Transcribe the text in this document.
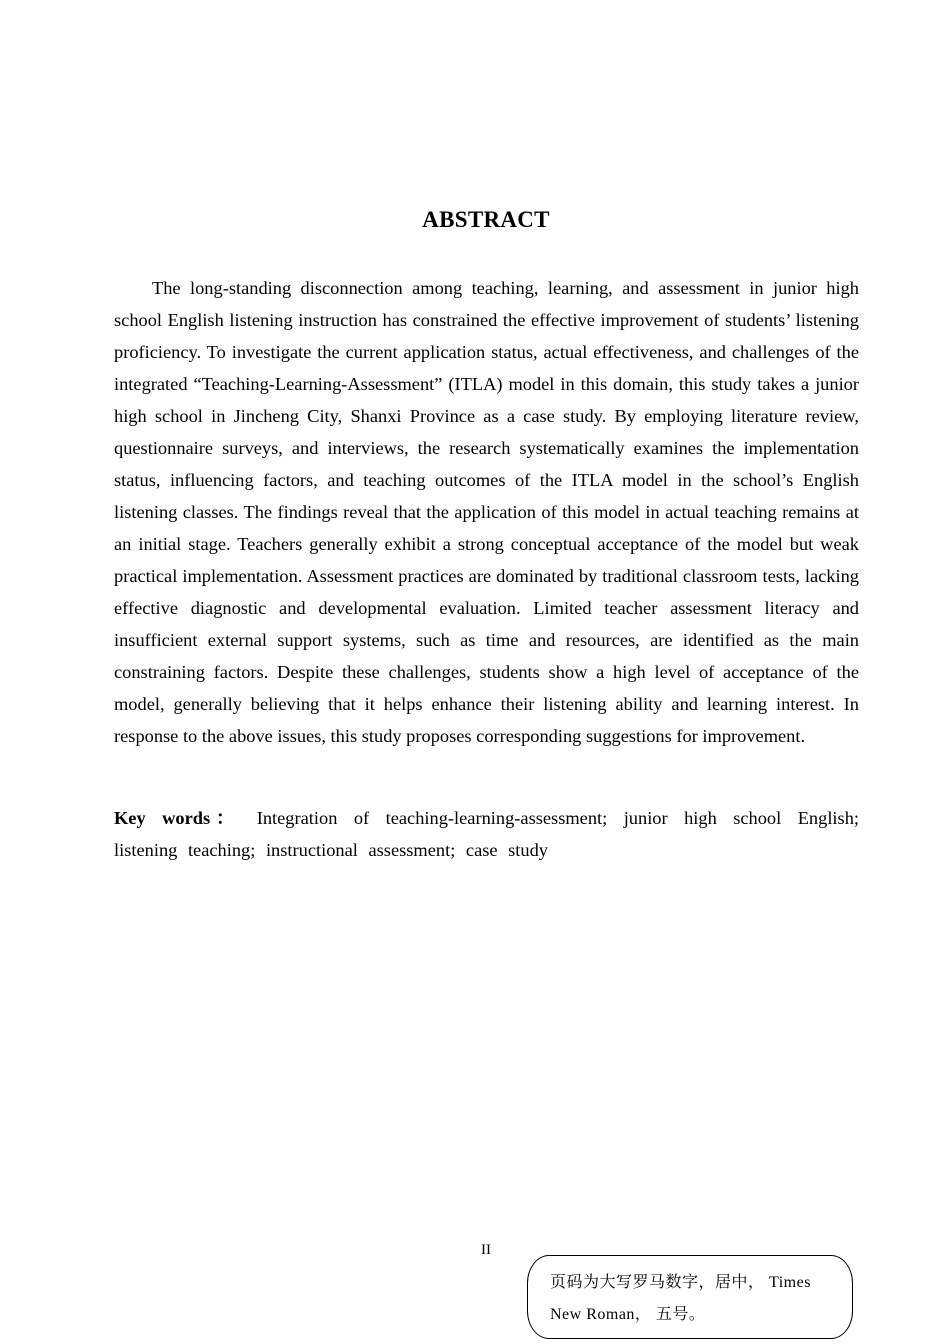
ABSTRACT

The long-standing disconnection among teaching, learning, and assessment in junior high school English listening instruction has constrained the effective improvement of students’ listening proficiency. To investigate the current application status, actual effectiveness, and challenges of the integrated “Teaching-Learning-Assessment” (ITLA) model in this domain, this study takes a junior high school in Jincheng City, Shanxi Province as a case study. By employing literature review, questionnaire surveys, and interviews, the research systematically examines the implementation status, influencing factors, and teaching outcomes of the ITLA model in the school’s English listening classes. The findings reveal that the application of this model in actual teaching remains at an initial stage. Teachers generally exhibit a strong conceptual acceptance of the model but weak practical implementation. Assessment practices are dominated by traditional classroom tests, lacking effective diagnostic and developmental evaluation. Limited teacher assessment literacy and insufficient external support systems, such as time and resources, are identified as the main constraining factors. Despite these challenges, students show a high level of acceptance of the model, generally believing that it helps enhance their listening ability and learning interest. In response to the above issues, this study proposes corresponding suggestions for improvement.

Key words： Integration of teaching-learning-assessment; junior high school English; listening teaching; instructional assessment; case study

II
页码为大写罗马数字，居中， Times New Roman， 五号。
